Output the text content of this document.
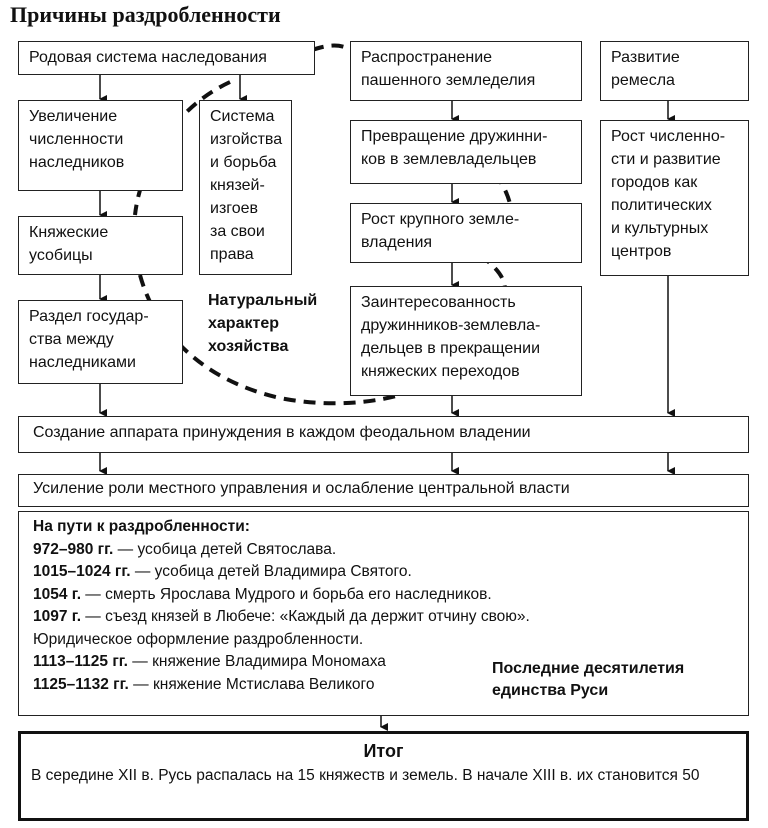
Причины раздробленности
Родовая система наследования
Увеличение
численности
наследников
Система
изгойства
и борьба
князей-
изгоев
за свои
права
Княжеские
усобицы
Раздел государ-
ства между
наследниками
Натуральный
характер
хозяйства
Распространение
пашенного земледелия
Превращение дружинни-
ков в землевладельцев
Рост крупного земле-
владения
Заинтересованность
дружинников-землевла-
дельцев в прекращении
княжеских переходов
Развитие
ремесла
Рост численно-
сти и развитие
городов как
политических
и культурных
центров
Создание аппарата принуждения в каждом феодальном владении
Усиление роли местного управления и ослабление центральной власти
На пути к раздробленности:
972–980 гг. — усобица детей Святослава.
1015–1024 гг. — усобица детей Владимира Святого.
1054 г. — смерть Ярослава Мудрого и борьба его наследников.
1097 г. — съезд князей в Любече: «Каждый да держит отчину свою».
Юридическое оформление раздробленности.
1113–1125 гг. — княжение Владимира Мономаха
1125–1132 гг. — княжение Мстислава Великого
Последние десятилетия
единства Руси
Итог
В середине XII в. Русь распалась на 15 княжеств и земель. В начале XIII в. их становится 50
